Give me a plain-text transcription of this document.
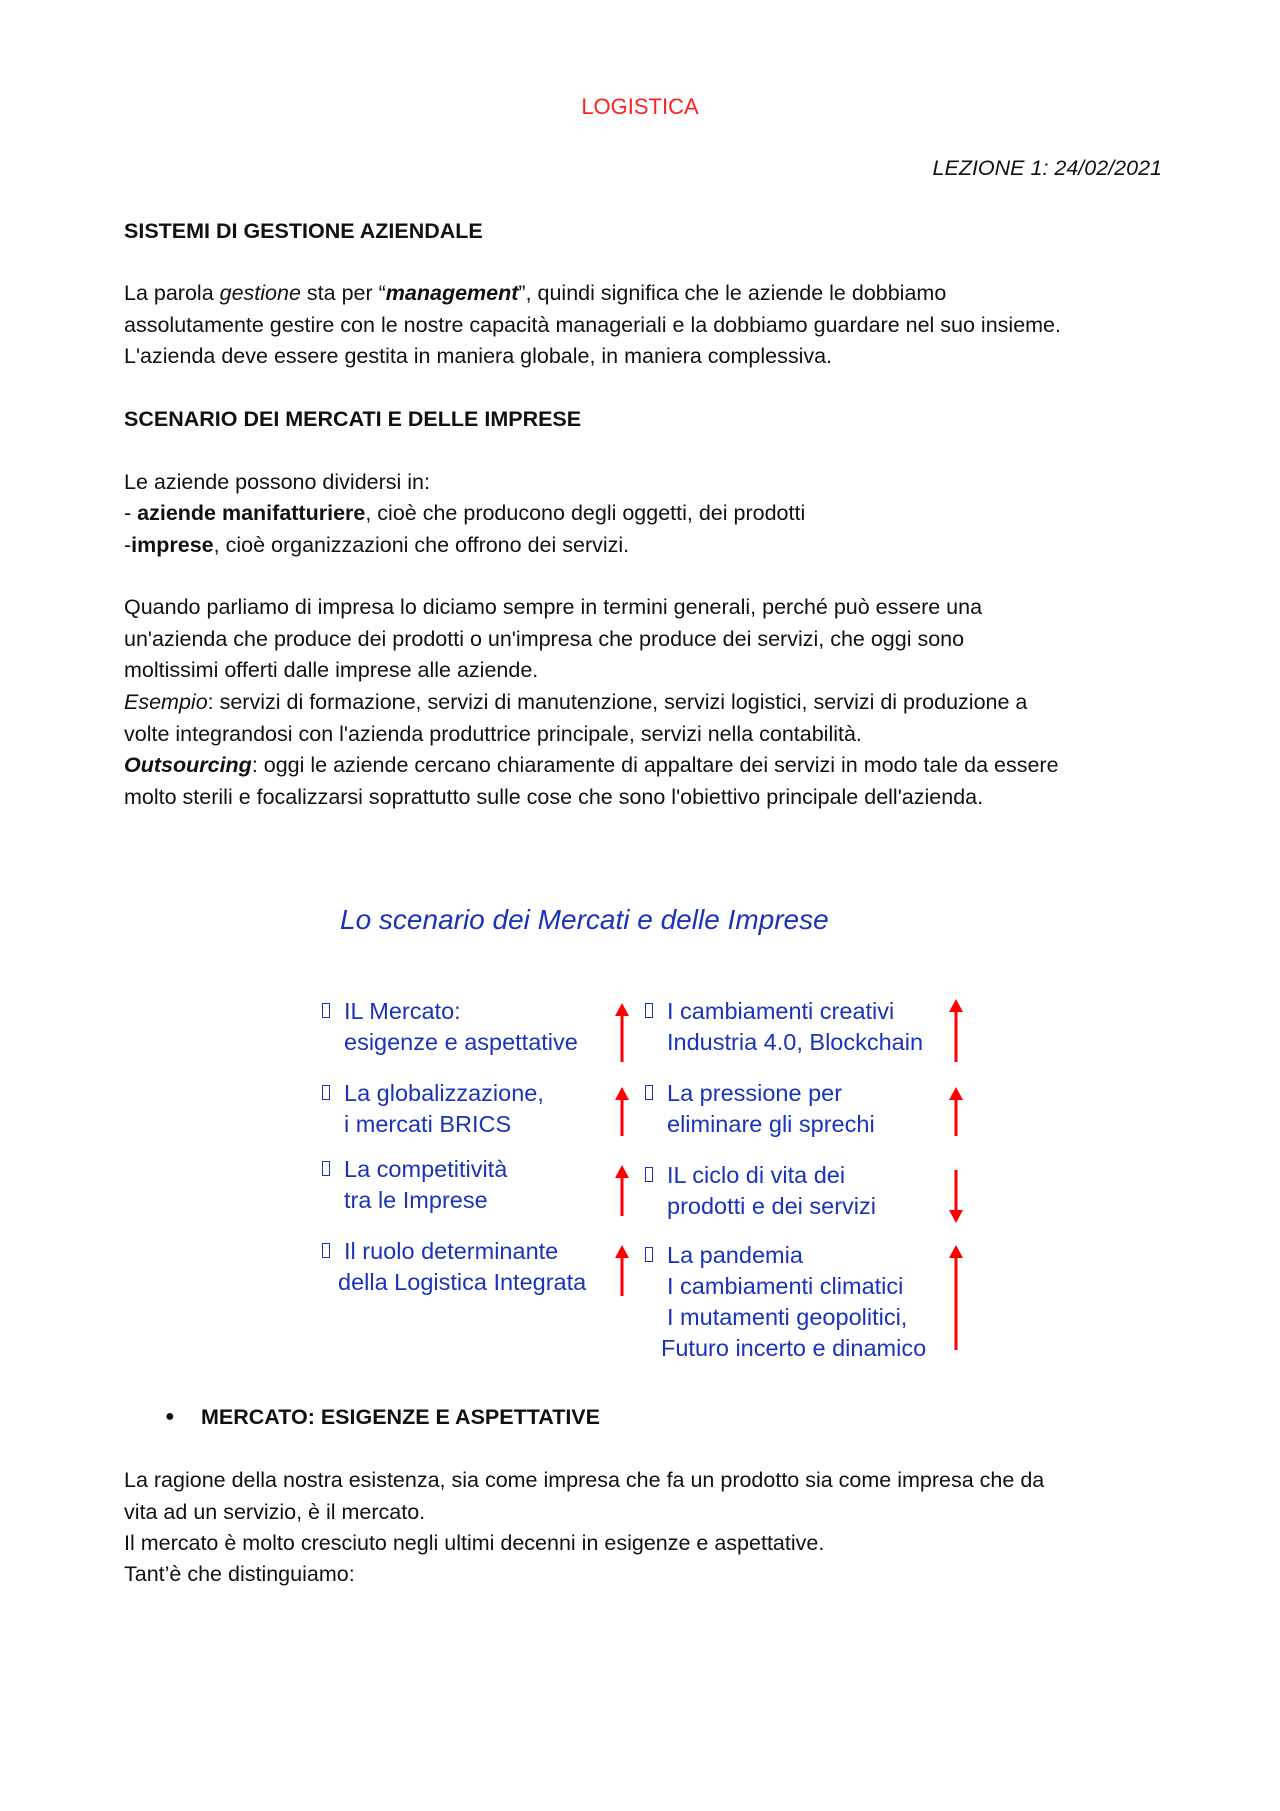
LOGISTICA
LEZIONE 1: 24/02/2021
SISTEMI DI GESTIONE AZIENDALE
La parola gestione sta per “management”, quindi significa che le aziende le dobbiamo
assolutamente gestire con le nostre capacità manageriali e la dobbiamo guardare nel suo insieme.
L'azienda deve essere gestita in maniera globale, in maniera complessiva.
SCENARIO DEI MERCATI E DELLE IMPRESE
Le aziende possono dividersi in:
- aziende manifatturiere, cioè che producono degli oggetti, dei prodotti
-imprese, cioè organizzazioni che offrono dei servizi.
Quando parliamo di impresa lo diciamo sempre in termini generali, perché può essere una
un'azienda che produce dei prodotti o un'impresa che produce dei servizi, che oggi sono
moltissimi offerti dalle imprese alle aziende.
Esempio: servizi di formazione, servizi di manutenzione, servizi logistici, servizi di produzione a
volte integrandosi con l'azienda produttrice principale, servizi nella contabilità.
Outsourcing: oggi le aziende cercano chiaramente di appaltare dei servizi in modo tale da essere
molto sterili e focalizzarsi soprattutto sulle cose che sono l'obiettivo principale dell'azienda.
Lo scenario dei Mercati e delle Imprese
IL Mercato:
esigenze e aspettative
La globalizzazione,
i mercati BRICS
La competitività
tra le Imprese
Il ruolo determinante
della Logistica Integrata
I cambiamenti creativi
Industria 4.0, Blockchain
La pressione per
eliminare gli sprechi
IL ciclo di vita dei
prodotti e dei servizi
La pandemia
I cambiamenti climatici
I mutamenti geopolitici,
Futuro incerto e dinamico
● MERCATO: ESIGENZE E ASPETTATIVE
La ragione della nostra esistenza, sia come impresa che fa un prodotto sia come impresa che da
vita ad un servizio, è il mercato.
Il mercato è molto cresciuto negli ultimi decenni in esigenze e aspettative.
Tant’è che distinguiamo:
